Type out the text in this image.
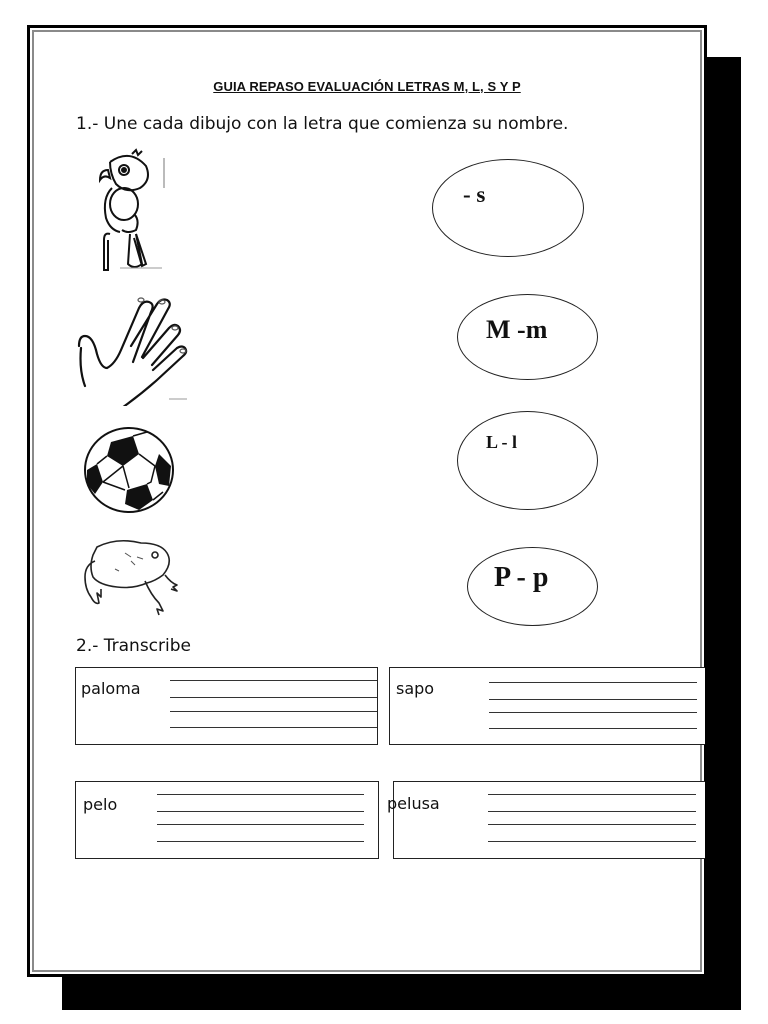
GUIA REPASO EVALUACIÓN LETRAS M, L, S Y P
1.- Une cada dibujo con la letra que comienza su nombre.
- s
M -m
L - l
P - p
2.- Transcribe
paloma	sapo
pelo	pelusa
